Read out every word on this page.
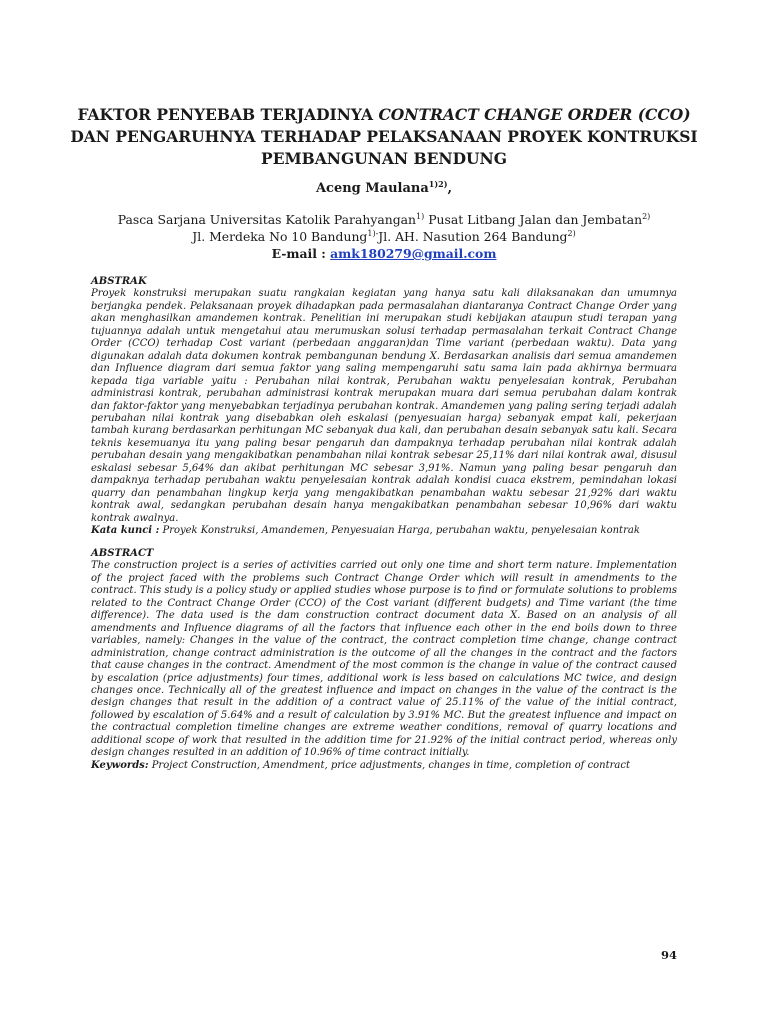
FAKTOR PENYEBAB TERJADINYA CONTRACT CHANGE ORDER (CCO)
DAN PENGARUHNYA TERHADAP PELAKSANAAN PROYEK KONTRUKSI
PEMBANGUNAN BENDUNG
Aceng Maulana$^{1)2)}$,
Pasca Sarjana Universitas Katolik Parahyangan$^{1)}$ Pusat Litbang Jalan dan Jembatan$^{2)}$
Jl. Merdeka No 10 Bandung$^{1)-}$Jl. AH. Nasution 264 Bandung$^{2)}$
E-mail : amk180279@gmail.com
ABSTRAK

Proyek konstruksi merupakan suatu rangkaian kegiatan yang hanya satu kali dilaksanakan dan umumnya berjangka pendek. Pelaksanaan proyek dihadapkan pada permasalahan diantaranya Contract Change Order yang akan menghasilkan amandemen kontrak. Penelitian ini merupakan studi kebijakan ataupun studi terapan yang tujuannya adalah untuk mengetahui atau merumuskan solusi terhadap permasalahan terkait Contract Change Order (CCO) terhadap Cost variant (perbedaan anggaran)dan Time variant (perbedaan waktu). Data yang digunakan adalah data dokumen kontrak pembangunan bendung X. Berdasarkan analisis dari semua amandemen dan Influence diagram dari semua faktor yang saling mempengaruhi satu sama lain pada akhirnya bermuara kepada tiga variable yaitu : Perubahan nilai kontrak, Perubahan waktu penyelesaian kontrak, Perubahan administrasi kontrak, perubahan administrasi kontrak merupakan muara dari semua perubahan dalam kontrak dan faktor-faktor yang menyebabkan terjadinya perubahan kontrak. Amandemen yang paling sering terjadi adalah perubahan nilai kontrak yang disebabkan oleh eskalasi (penyesuaian harga) sebanyak empat kali, pekerjaan tambah kurang berdasarkan perhitungan MC sebanyak dua kali, dan perubahan desain sebanyak satu kali. Secara teknis kesemuanya itu yang paling besar pengaruh dan dampaknya terhadap perubahan nilai kontrak adalah perubahan desain yang mengakibatkan penambahan nilai kontrak sebesar 25,11% dari nilai kontrak awal, disusul eskalasi sebesar 5,64% dan akibat perhitungan MC sebesar 3,91%. Namun yang paling besar pengaruh dan dampaknya terhadap perubahan waktu penyelesaian kontrak adalah kondisi cuaca ekstrem, pemindahan lokasi quarry dan penambahan lingkup kerja yang mengakibatkan penambahan waktu sebesar 21,92% dari waktu kontrak awal, sedangkan perubahan desain hanya mengakibatkan penambahan sebesar 10,96% dari waktu kontrak awalnya.

Kata kunci : Proyek Konstruksi, Amandemen, Penyesuaian Harga, perubahan waktu, penyelesaian kontrak

ABSTRACT

The construction project is a series of activities carried out only one time and short term nature. Implementation of the project faced with the problems such Contract Change Order which will result in amendments to the contract. This study is a policy study or applied studies whose purpose is to find or formulate solutions to problems related to the Contract Change Order (CCO) of the Cost variant (different budgets) and Time variant (the time difference). The data used is the dam construction contract document data X. Based on an analysis of all amendments and Influence diagrams of all the factors that influence each other in the end boils down to three variables, namely: Changes in the value of the contract, the contract completion time change, change contract administration, change contract administration is the outcome of all the changes in the contract and the factors that cause changes in the contract. Amendment of the most common is the change in value of the contract caused by escalation (price adjustments) four times, additional work is less based on calculations MC twice, and design changes once. Technically all of the greatest influence and impact on changes in the value of the contract is the design changes that result in the addition of a contract value of 25.11% of the value of the initial contract, followed by escalation of 5.64% and a result of calculation by 3.91% MC. But the greatest influence and impact on the contractual completion timeline changes are extreme weather conditions, removal of quarry locations and additional scope of work that resulted in the addition time for 21.92% of the initial contract period, whereas only design changes resulted in an addition of 10.96% of time contract initially.

Keywords: Project Construction, Amendment, price adjustments, changes in time, completion of contract

94
